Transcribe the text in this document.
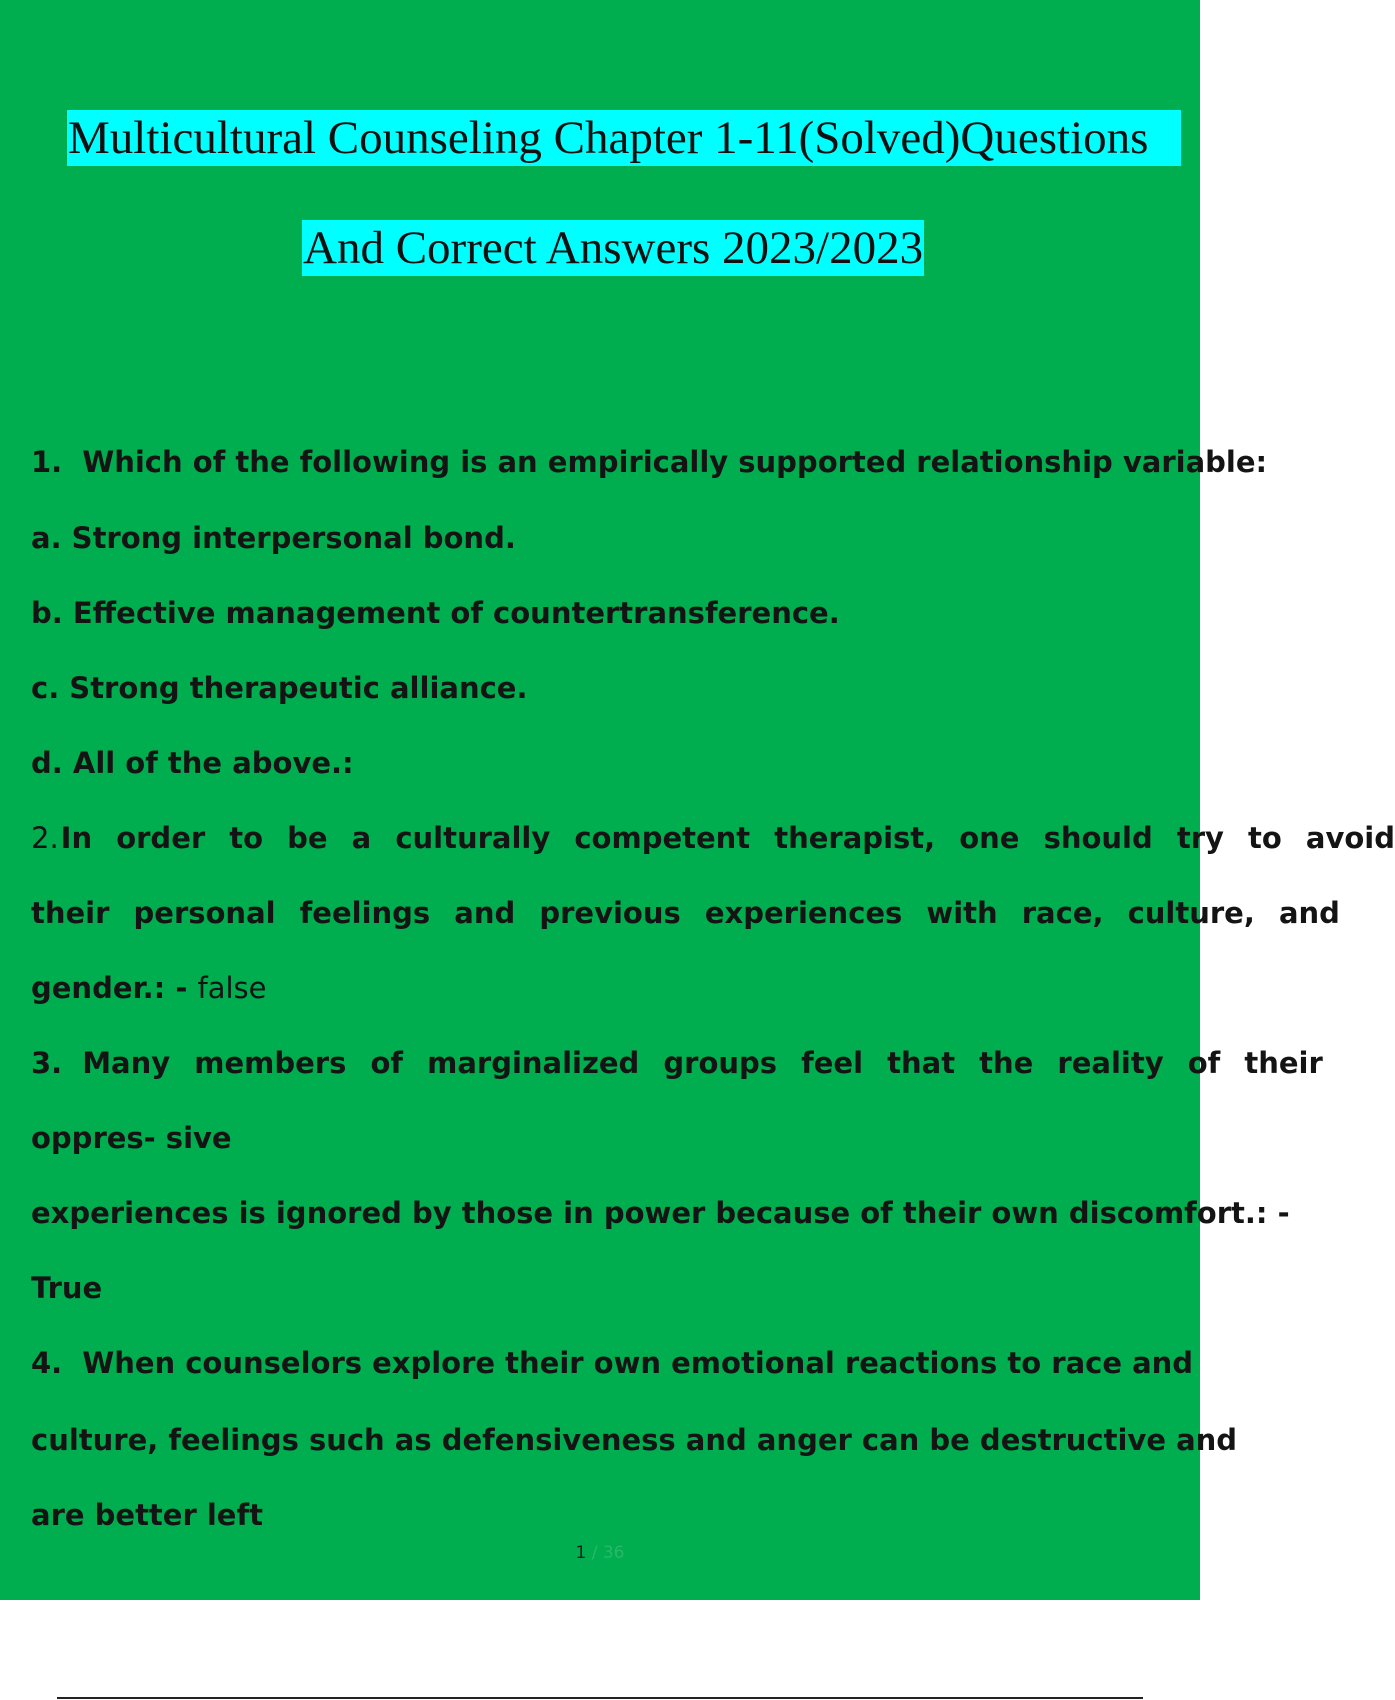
Multicultural Counseling Chapter 1-11(Solved)Questions
And Correct Answers 2023/2023
1. Which of the following is an empirically supported relationship variable:
a. Strong interpersonal bond.
b. Effective management of countertransference.
c. Strong therapeutic alliance.
d. All of the above.:
2.In order to be a culturally competent therapist, one should try to avoid
their personal feelings and previous experiences with race, culture, and
gender.: - false
3. Many members of marginalized groups feel that the reality of their
oppres- sive
experiences is ignored by those in power because of their own discomfort.: -
True
4. When counselors explore their own emotional reactions to race and
culture, feelings such as defensiveness and anger can be destructive and
are better left
1 / 36
